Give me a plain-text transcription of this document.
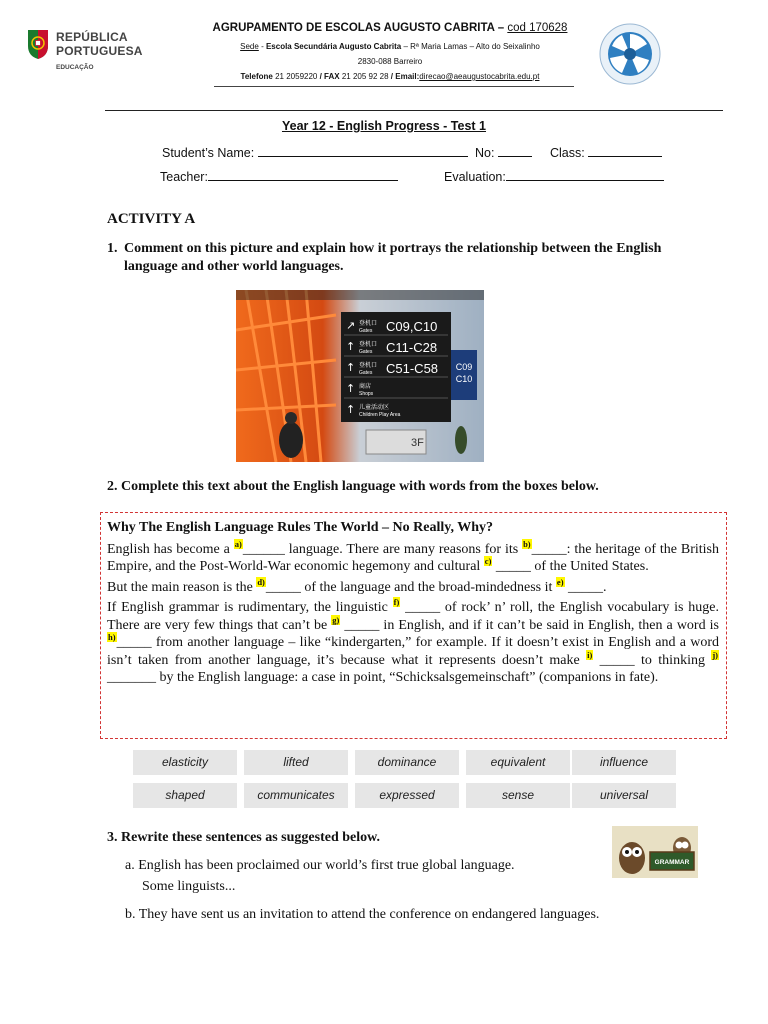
REPÚBLICA
PORTUGUESA
EDUCAÇÃO
AGRUPAMENTO DE ESCOLAS AUGUSTO CABRITA – cod 170628
Sede - Escola Secundária Augusto Cabrita – Rª Maria Lamas – Alto do Seixalinho
2830-088 Barreiro
Telefone 21 2059220 / FAX 21 205 92 28 / Email:direcao@aeaugustocabrita.edu.pt
Year 12 - English Progress - Test 1
Student’s Name:	No:	Class:
Teacher:	Evaluation:
ACTIVITY A
1. Comment on this picture and explain how it portrays the relationship between the English language and other world languages.
C09
C10
↗ 登机口
Gates C09,C10
↑ 登机口
Gates C11-C28
↑ 登机口
Gates C51-C58
↑ 商店
Shops
↑ 儿童活动区
Children Play Area
3F
2. Complete this text about the English language with words from the boxes below.
Why The English Language Rules The World – No Really, Why?

English has become a $^{a)}$______ language. There are many reasons for its $^{b)}$_____: the heritage of the British Empire, and the Post-World-War economic hegemony and cultural $^{c)}$ _____ of the United States.

But the main reason is the $^{d)}$_____ of the language and the broad-mindedness it $^{e)}$ _____.

If English grammar is rudimentary, the linguistic $^{f)}$ _____ of rock’ n’ roll, the English vocabulary is huge. There are very few things that can’t be $^{g)}$ _____ in English, and if it can’t be said in English, then a word is $^{h)}$_____ from another language – like “kindergarten,” for example. If it doesn’t exist in English and a word isn’t taken from another language, it’s because what it represents doesn’t make $^{i)}$ _____ to thinking $^{j)}$ _______ by the English language: a case in point, “Schicksalsgemeinschaft” (companions in fate).

elasticity	lifted	dominance	equivalent	influence
shaped	communicates	expressed	sense	universal
3. Rewrite these sentences as suggested below.
GRAMMAR
a. English has been proclaimed our world’s first true global language.
Some linguists...
b. They have sent us an invitation to attend the conference on endangered languages.
